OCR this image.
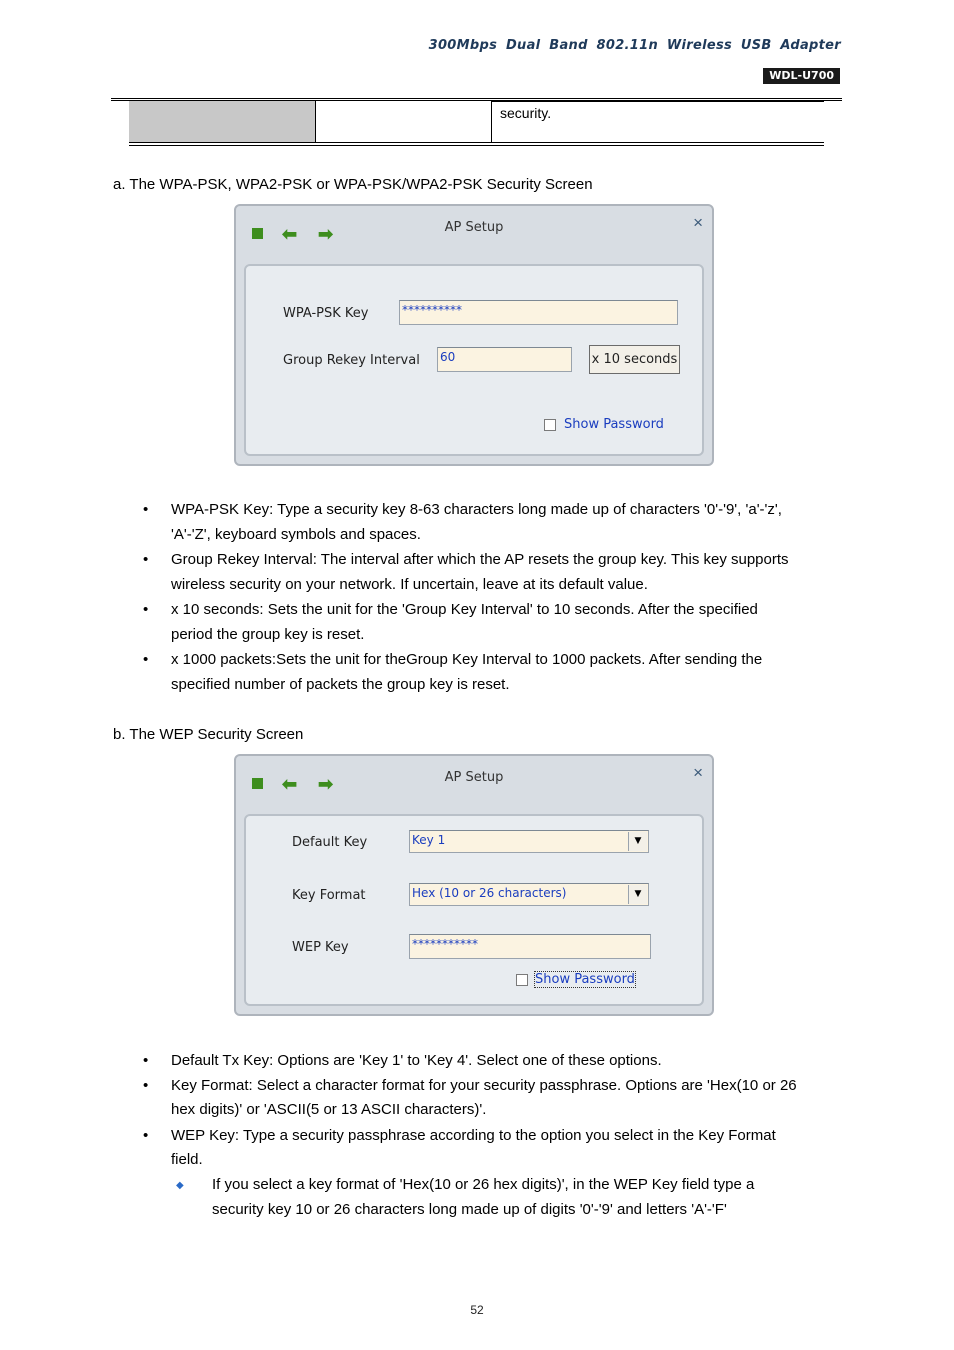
300Mbps Dual Band 802.11n Wireless USB Adapter
WDL-U700
security.
a. The WPA-PSK, WPA2-PSK or WPA-PSK/WPA2-PSK Security Screen
⬅ ➡	AP Setup	×
WPA-PSK Key	**********
Group Rekey Interval 60	x 10 seconds
Show Password
• WPA-PSK Key: Type a security key 8-63 characters long made up of characters '0'-'9', 'a'-'z',
'A'-'Z', keyboard symbols and spaces.
• Group Rekey Interval: The interval after which the AP resets the group key. This key supports
wireless security on your network. If uncertain, leave at its default value.
• x 10 seconds: Sets the unit for the 'Group Key Interval' to 10 seconds. After the specified
period the group key is reset.
• x 1000 packets:Sets the unit for theGroup Key Interval to 1000 packets. After sending the
specified number of packets the group key is reset.
b. The WEP Security Screen
⬅ ➡	AP Setup	×
Default Key	Key 1	▼
Key Format	Hex (10 or 26 characters)	▼
WEP Key	***********
Show Password
• Default Tx Key: Options are 'Key 1' to 'Key 4'. Select one of these options.
• Key Format: Select a character format for your security passphrase. Options are 'Hex(10 or 26
hex digits)' or 'ASCII(5 or 13 ASCII characters)'.
• WEP Key: Type a security passphrase according to the option you select in the Key Format
field.
◆ If you select a key format of 'Hex(10 or 26 hex digits)', in the WEP Key field type a
security key 10 or 26 characters long made up of digits '0'-'9' and letters 'A'-'F'
52
